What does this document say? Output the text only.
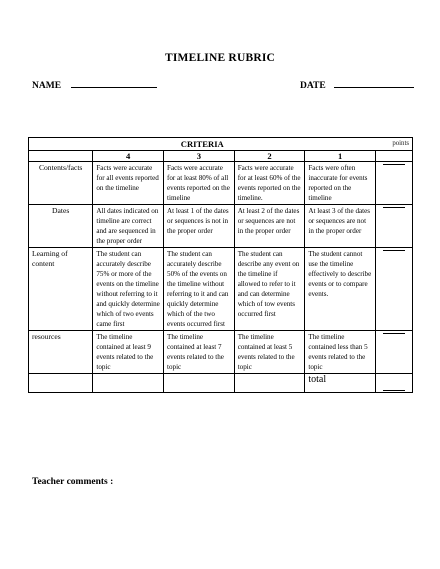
TIMELINE RUBRIC
NAME	DATE
CRITERIA					points
	4	3	2	1	
Contents/facts	Facts were accurate for all events reported on the timeline	Facts were accurate for at least 80% of all events reported on the timeline	Facts were accurate for at least 60% of the events reported on the timeline.	Facts were often inaccurate for events reported on the timeline	

Dates	All dates indicated on timeline are correct and are sequenced in the proper order	At least 1 of the dates or sequences is not in the proper order	At least 2 of the dates or sequences are not in the proper order	At least 3 of the dates or sequences are not in the proper order	

Learning of content	The student can accurately describe 75% or more of the events on the timeline without referring to it and quickly determine which of two events came first	The student can accurately describe 50% of the events on the timeline without referring to it and can quickly determine which of the two events occurred first	The student can describe any event on the timeline if allowed to refer to it and can determine which of tow events occurred first	The student cannot use the timeline effectively to describe events or to compare events.	

resources	The timeline contained at least 9 events related to the topic	The timeline contained at least 7 events related to the topic	The timeline contained at least 5 events related to the topic	The timeline contained less than 5 events related to the topic	

				total	
Teacher comments :
